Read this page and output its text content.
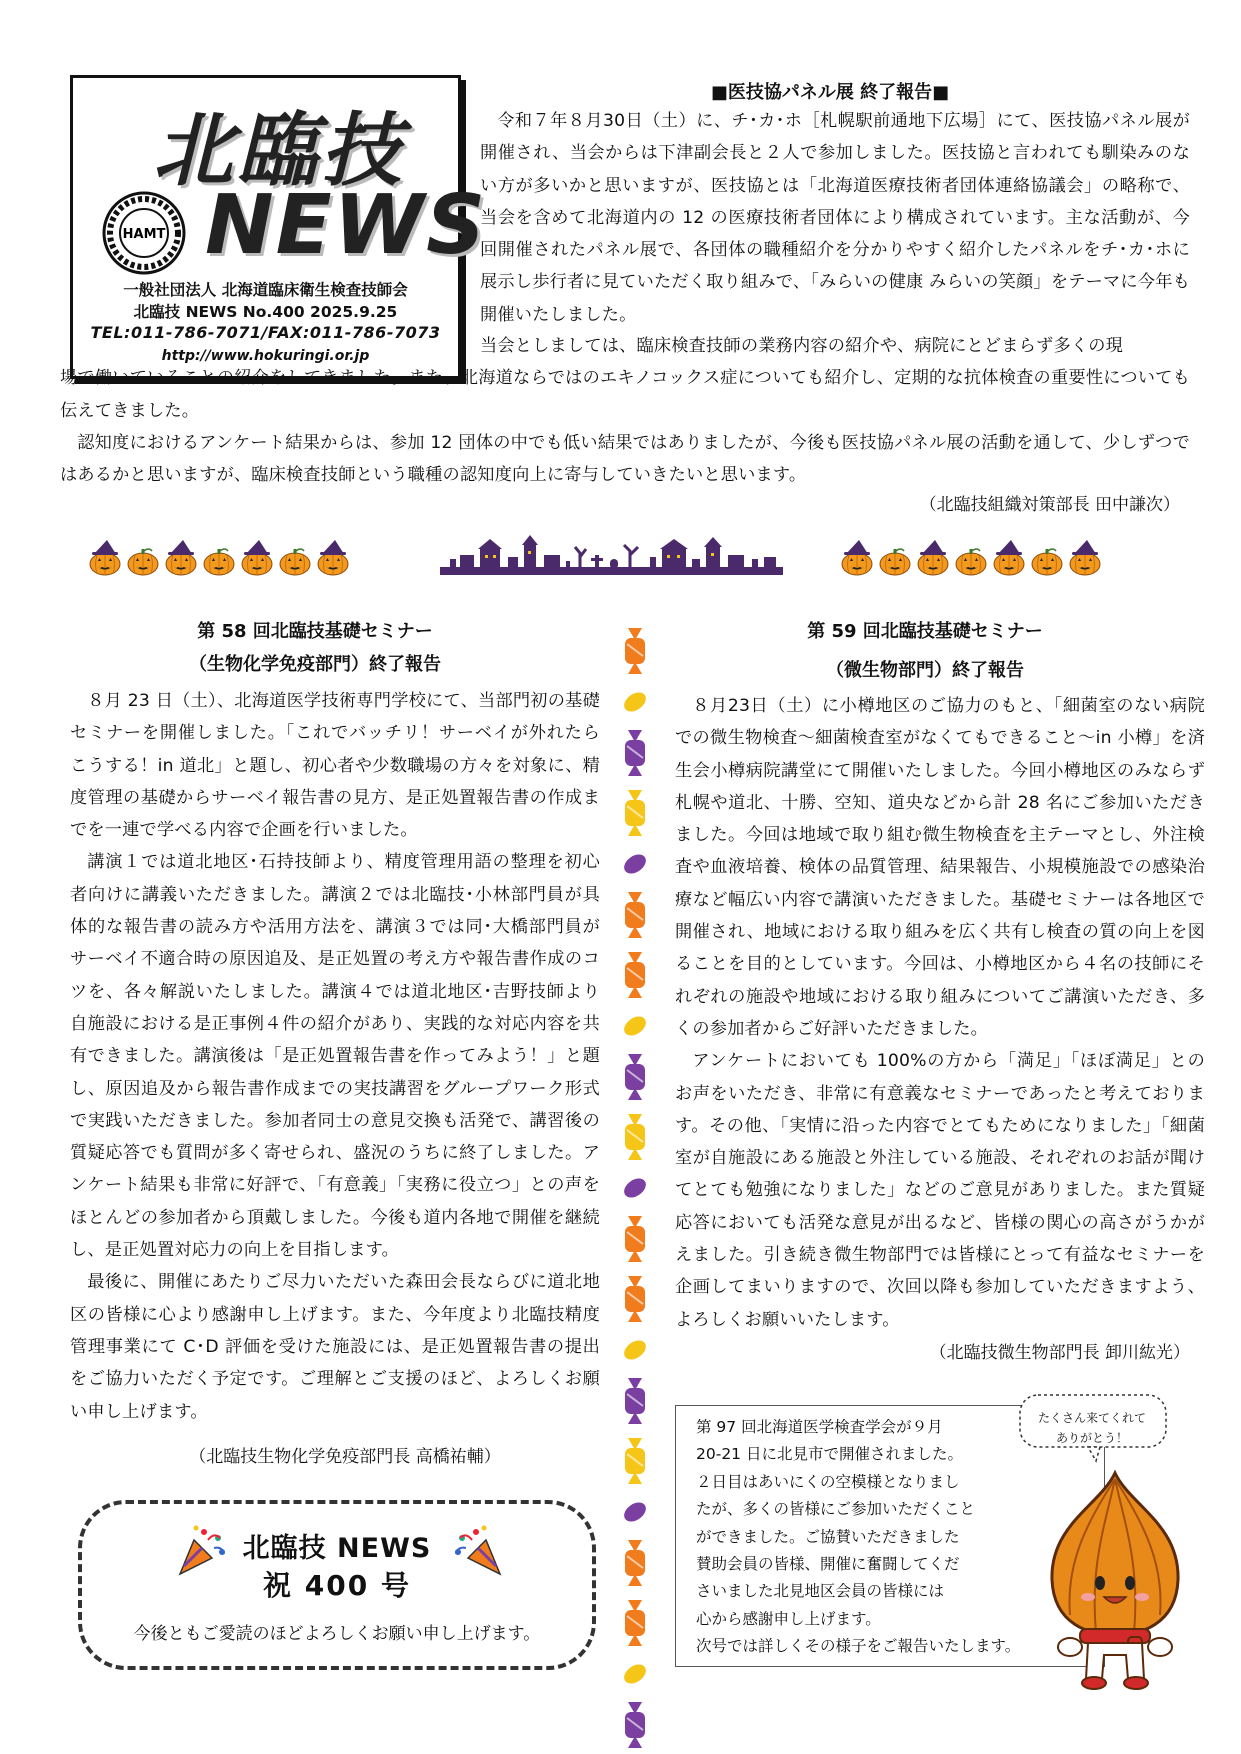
北臨技
NEWS
HAMT
一般社団法人 北海道臨床衛生検査技師会
北臨技 NEWS No.400 2025.9.25
TEL:011-786-7071/FAX:011-786-7073
http://www.hokuringi.or.jp
■医技協パネル展 終了報告■

令和７年８月30日（土）に、チ･カ･ホ［札幌駅前通地下広場］にて、医技協パネル展が開催され、当会からは下津副会長と２人で参加しました。医技協と言われても馴染みのない方が多いかと思いますが、医技協とは「北海道医療技術者団体連絡協議会」の略称で、当会を含めて北海道内の 12 の医療技術者団体により構成されています。主な活動が、今回開催されたパネル展で、各団体の職種紹介を分かりやすく紹介したパネルをチ･カ･ホに展示し歩行者に見ていただく取り組みで、「みらいの健康 みらいの笑顔」をテーマに今年も開催いたしました。

当会としましては、臨床検査技師の業務内容の紹介や、病院にとどまらず多くの現
場で働いていることの紹介をしてきました。また、北海道ならではのエキノコックス症についても紹介し、定期的な抗体検査の重要性についても伝えてきました。

認知度におけるアンケート結果からは、参加 12 団体の中でも低い結果ではありましたが、今後も医技協パネル展の活動を通して、少しずつではあるかと思いますが、臨床検査技師という職種の認知度向上に寄与していきたいと思います。

（北臨技組織対策部長 田中謙次）
第 58 回北臨技基礎セミナー
（生物化学免疫部門）終了報告

８月 23 日（土）、北海道医学技術専門学校にて、当部門初の基礎セミナーを開催しました。「これでバッチリ！サーベイが外れたらこうする！in 道北」と題し、初心者や少数職場の方々を対象に、精度管理の基礎からサーベイ報告書の見方、是正処置報告書の作成までを一連で学べる内容で企画を行いました。

講演１では道北地区･石持技師より、精度管理用語の整理を初心者向けに講義いただきました。講演２では北臨技･小林部門員が具体的な報告書の読み方や活用方法を、講演３では同･大橋部門員がサーベイ不適合時の原因追及、是正処置の考え方や報告書作成のコツを、各々解説いたしました。講演４では道北地区･吉野技師より自施設における是正事例４件の紹介があり、実践的な対応内容を共有できました。講演後は「是正処置報告書を作ってみよう！」と題し、原因追及から報告書作成までの実技講習をグループワーク形式で実践いただきました。参加者同士の意見交換も活発で、講習後の質疑応答でも質問が多く寄せられ、盛況のうちに終了しました。アンケート結果も非常に好評で、「有意義」「実務に役立つ」との声をほとんどの参加者から頂戴しました。今後も道内各地で開催を継続し、是正処置対応力の向上を目指します。

最後に、開催にあたりご尽力いただいた森田会長ならびに道北地区の皆様に心より感謝申し上げます。また、今年度より北臨技精度管理事業にて C･D 評価を受けた施設には、是正処置報告書の提出をご協力いただく予定です。ご理解とご支援のほど、よろしくお願い申し上げます。

（北臨技生物化学免疫部門長 高橋祐輔）
第 59 回北臨技基礎セミナー
（微生物部門）終了報告

８月23日（土）に小樽地区のご協力のもと、「細菌室のない病院での微生物検査～細菌検査室がなくてもできること～in 小樽」を済生会小樽病院講堂にて開催いたしました。今回小樽地区のみならず札幌や道北、十勝、空知、道央などから計 28 名にご参加いただきました。今回は地域で取り組む微生物検査を主テーマとし、外注検査や血液培養、検体の品質管理、結果報告、小規模施設での感染治療など幅広い内容で講演いただきました。基礎セミナーは各地区で開催され、地域における取り組みを広く共有し検査の質の向上を図ることを目的としています。今回は、小樽地区から４名の技師にそれぞれの施設や地域における取り組みについてご講演いただき、多くの参加者からご好評いただきました。

アンケートにおいても 100%の方から「満足」「ほぼ満足」とのお声をいただき、非常に有意義なセミナーであったと考えております。その他、「実情に沿った内容でとてもためになりました」「細菌室が自施設にある施設と外注している施設、それぞれのお話が聞けてとても勉強になりました」などのご意見がありました。また質疑応答においても活発な意見が出るなど、皆様の関心の高さがうかがえました。引き続き微生物部門では皆様にとって有益なセミナーを企画してまいりますので、次回以降も参加していただきますよう、よろしくお願いいたします。

（北臨技微生物部門長 卸川紘光）
北臨技 NEWS
祝 400 号
今後ともご愛読のほどよろしくお願い申し上げます。
第 97 回北海道医学検査学会が９月
20-21 日に北見市で開催されました。
２日目はあいにくの空模様となりまし
たが、多くの皆様にご参加いただくこと
ができました。ご協賛いただきました
賛助会員の皆様、開催に奮闘してくだ
さいました北見地区会員の皆様には
心から感謝申し上げます。
次号では詳しくその様子をご報告いたします。
たくさん来てくれて
ありがとう！
